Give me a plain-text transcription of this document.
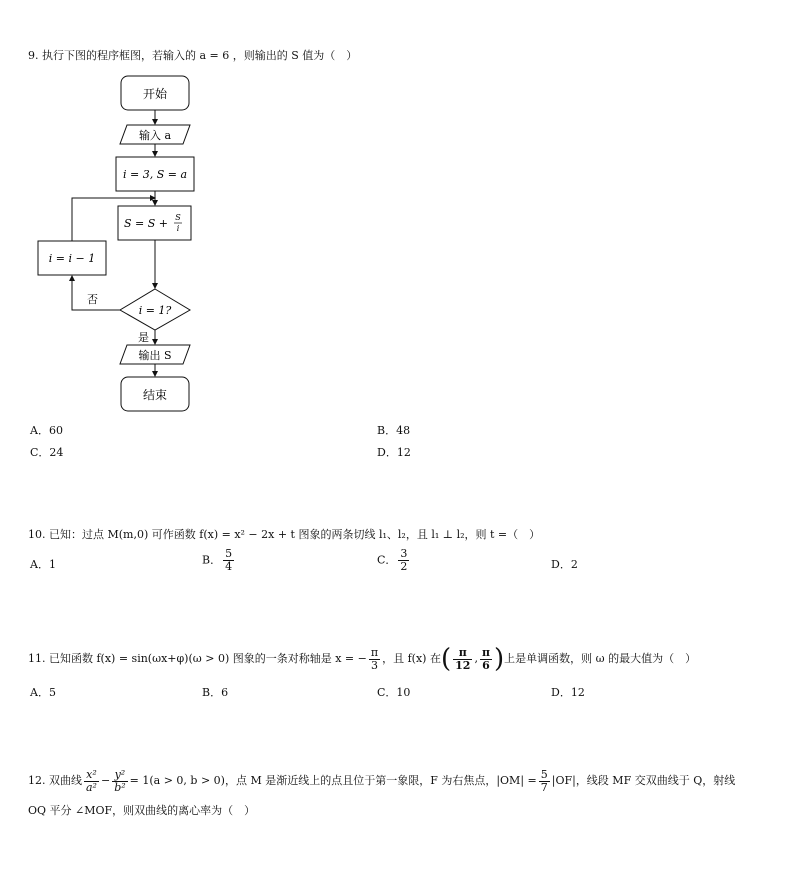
9. 执行下图的程序框图，若输入的 a = 6 ，则输出的 S 值为（　）
开始
输入 a
i = 3, S = a
S = S + S
i
i = 1?
否
i = i − 1
是
输出 S
结束
A．60	B．48
C．24	D．12
10. 已知：过点 M(m,0) 可作函数 f(x) = x² − 2x + t 图象的两条切线 l₁、l₂，且 l₁ ⊥ l₂，则 t =（　）
A．1	B． $\frac{5}{4}$	C． $\frac{3}{2}$	D．2
11. 已知函数 f(x) = sin(ωx+φ)(ω > 0) 图象的一条对称轴是 x = − $\frac{\pi}{3}$ ，且 f(x) 在( $\frac{\pi}{12}$ , $\frac{\pi}{6}$ )上是单调函数，则 ω 的最大值为（　）
A．5	B．6	C．10	D．12
12. 双曲线 $\frac{\text{x²}}{\text{a²}} - \frac{\text{y²}}{\text{b²}} = 1(a > 0$, b > 0)，点 M 是渐近线上的点且位于第一象限，F 为右焦点，$|OM| = \frac{5}{7} |OF|$，线段 MF 交双曲线于 Q，射线
OQ 平分 ∠MOF，则双曲线的离心率为（　）
